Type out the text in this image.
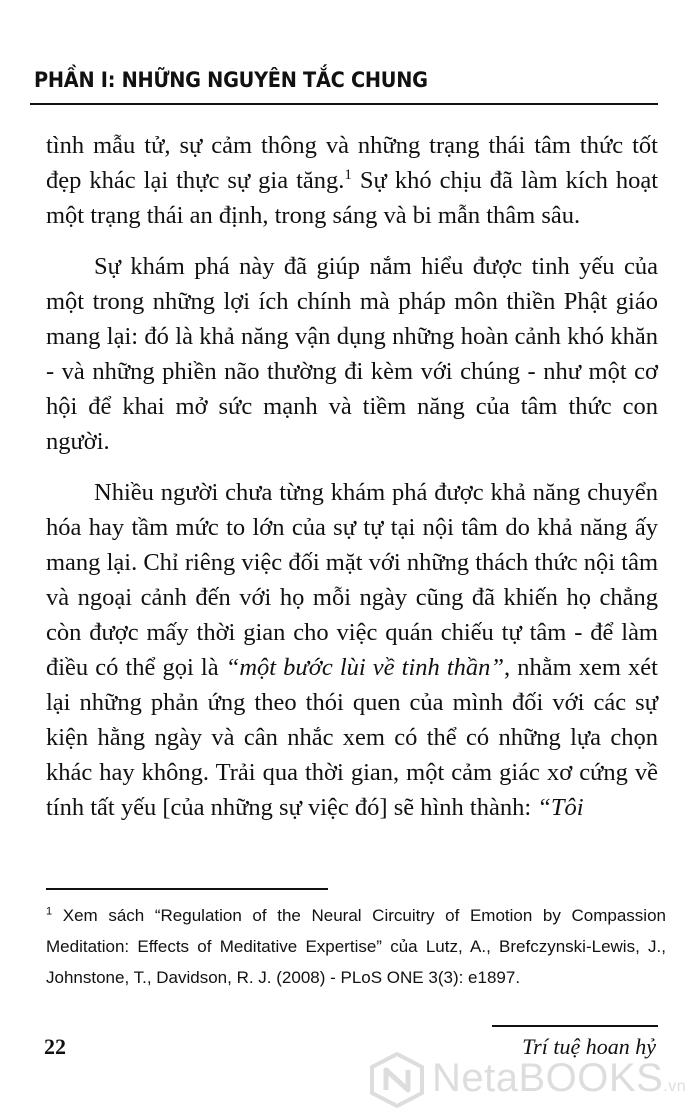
PHẦN I: NHỮNG NGUYÊN TẮC CHUNG

tình mẫu tử, sự cảm thông và những trạng thái tâm thức tốt đẹp khác lại thực sự gia tăng.$^1$ Sự khó chịu đã làm kích hoạt một trạng thái an định, trong sáng và bi mẫn thâm sâu.

Sự khám phá này đã giúp nắm hiểu được tinh yếu của một trong những lợi ích chính mà pháp môn thiền Phật giáo mang lại: đó là khả năng vận dụng những hoàn cảnh khó khăn - và những phiền não thường đi kèm với chúng - như một cơ hội để khai mở sức mạnh và tiềm năng của tâm thức con người.

Nhiều người chưa từng khám phá được khả năng chuyển hóa hay tầm mức to lớn của sự tự tại nội tâm do khả năng ấy mang lại. Chỉ riêng việc đối mặt với những thách thức nội tâm và ngoại cảnh đến với họ mỗi ngày cũng đã khiến họ chẳng còn được mấy thời gian cho việc quán chiếu tự tâm - để làm điều có thể gọi là “một bước lùi về tinh thần”, nhằm xem xét lại những phản ứng theo thói quen của mình đối với các sự kiện hằng ngày và cân nhắc xem có thể có những lựa chọn khác hay không. Trải qua thời gian, một cảm giác xơ cứng về tính tất yếu [của những sự việc đó] sẽ hình thành: “Tôi

$^1$ Xem sách “Regulation of the Neural Circuitry of Emotion by Compassion Meditation: Effects of Meditative Expertise” của Lutz, A., Brefczynski-Lewis, J., Johnstone, T., Davidson, R. J. (2008) - PLoS ONE 3(3): e1897.
22	Trí tuệ hoan hỷ
NetaBOOKS.vn
